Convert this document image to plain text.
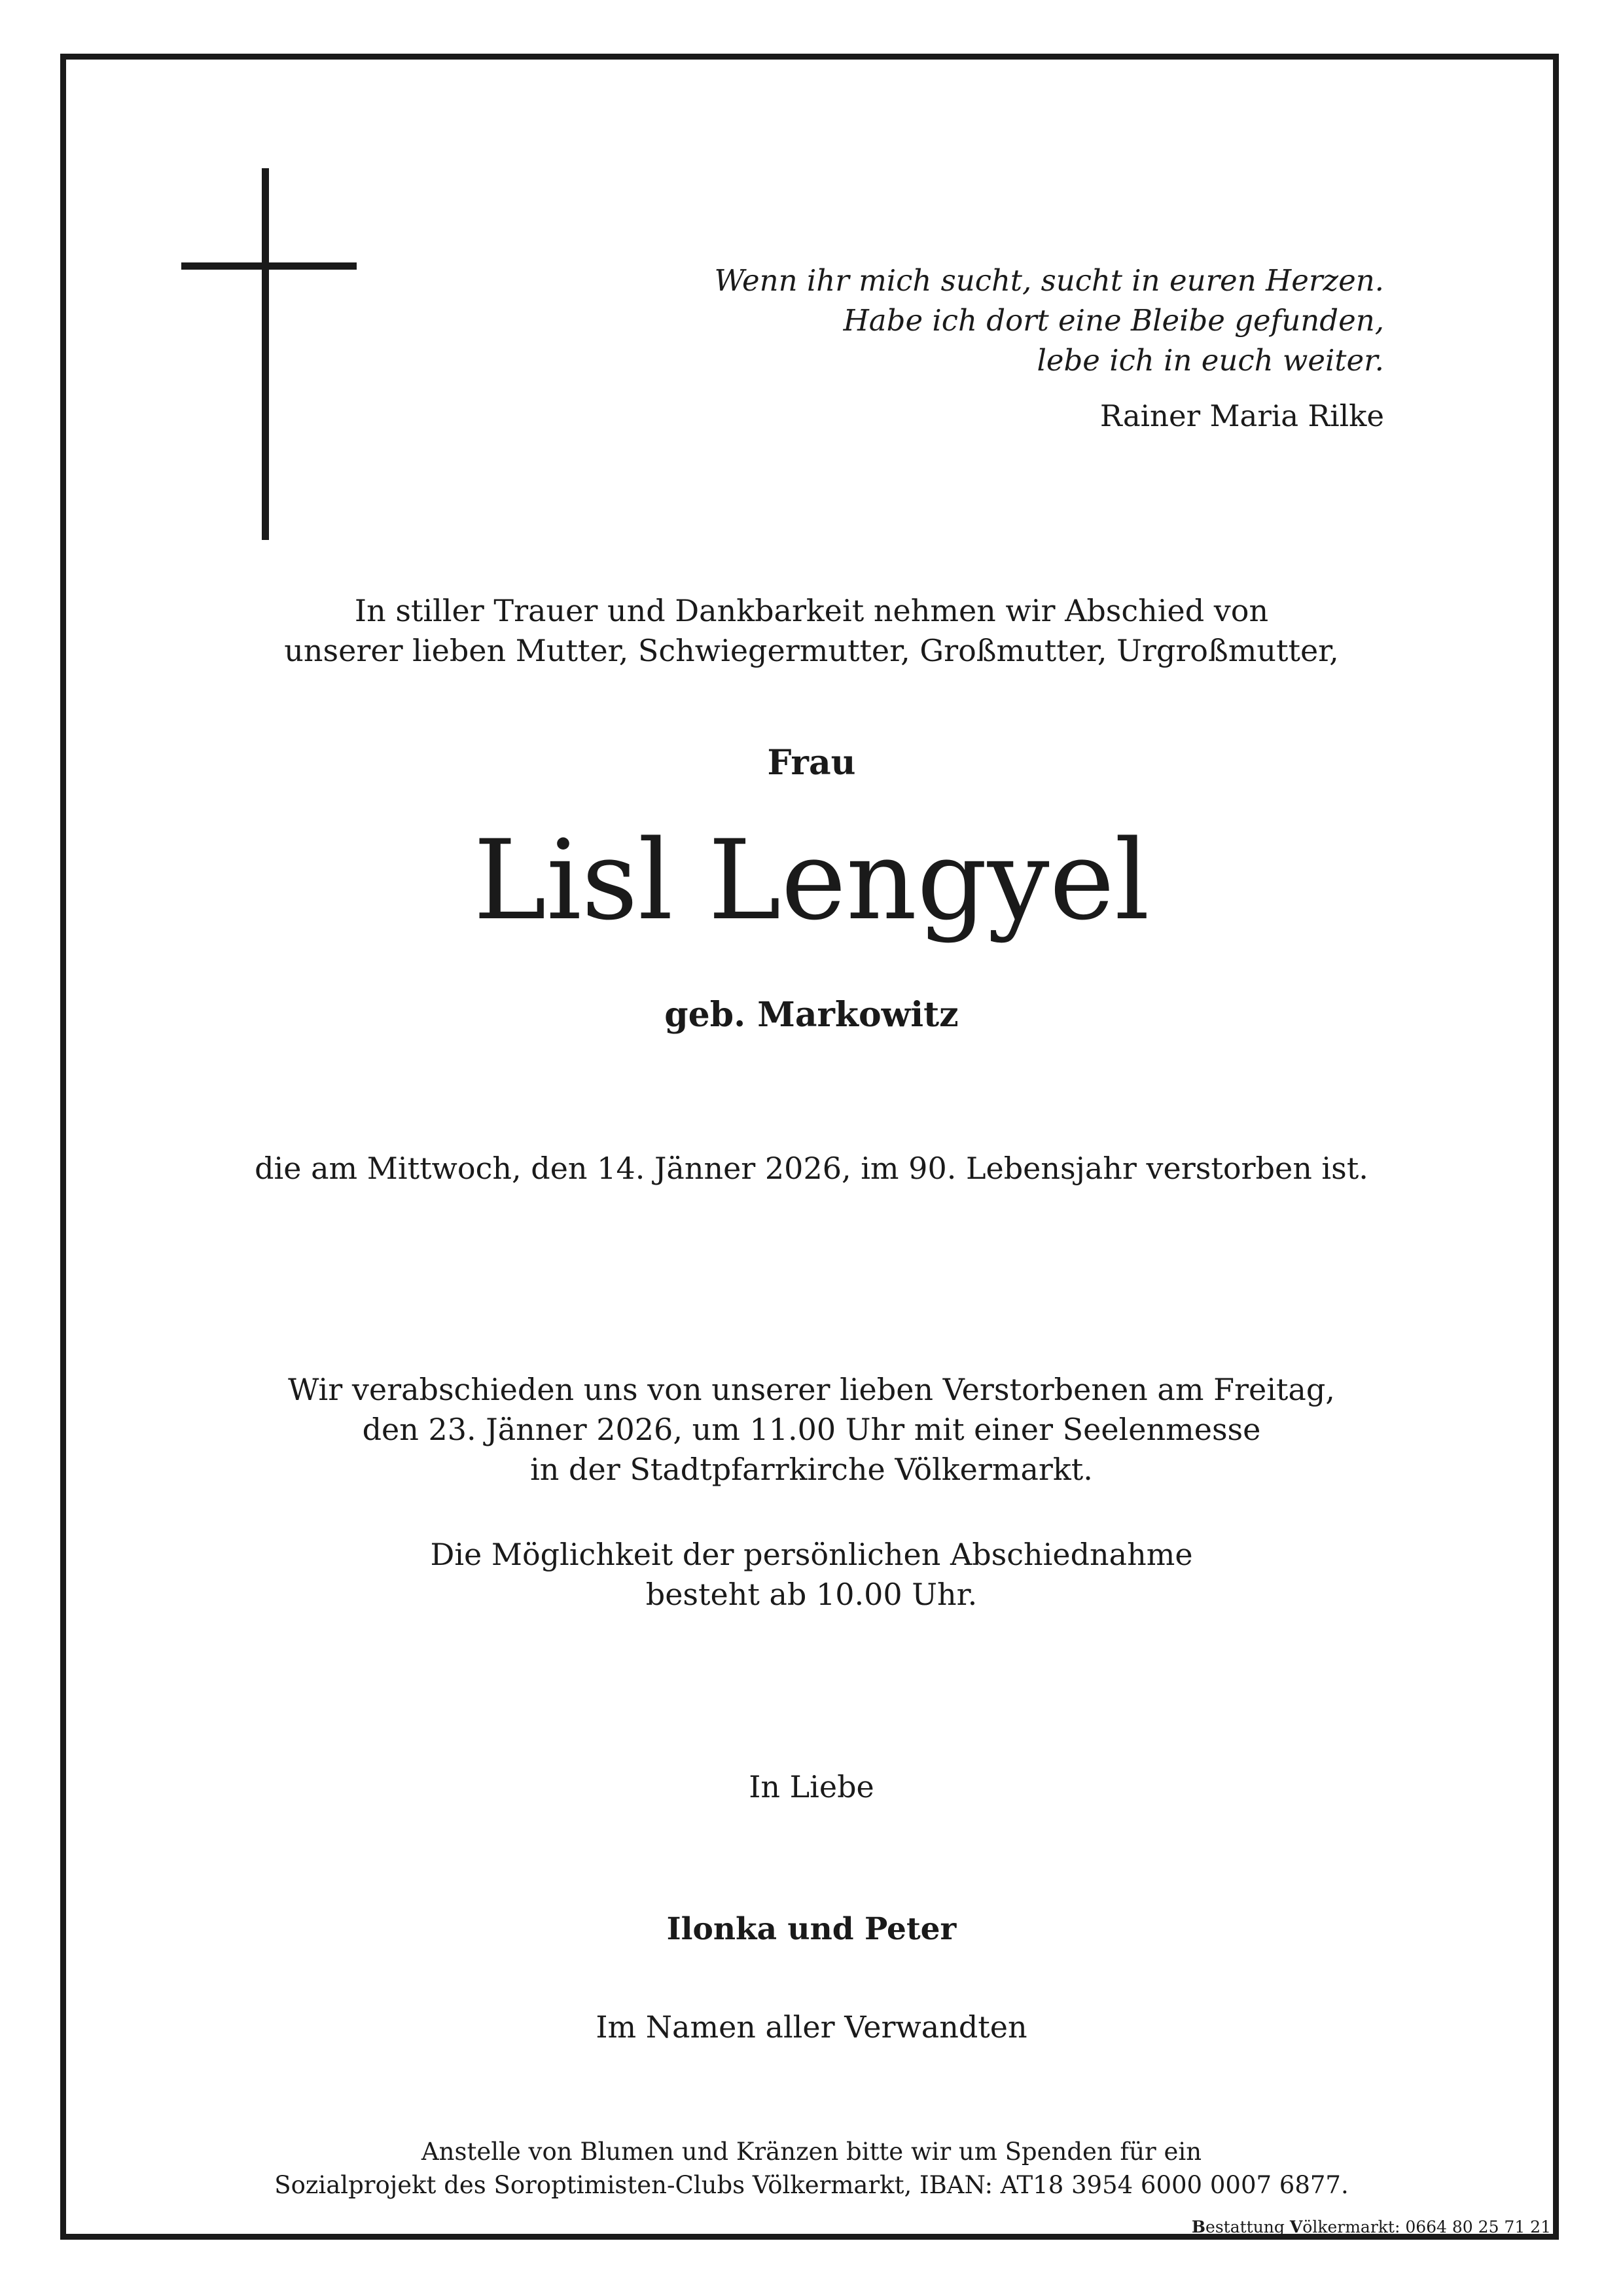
Wenn ihr mich sucht, sucht in euren Herzen.
Habe ich dort eine Bleibe gefunden,
lebe ich in euch weiter.
Rainer Maria Rilke
In stiller Trauer und Dankbarkeit nehmen wir Abschied von
unserer lieben Mutter, Schwiegermutter, Großmutter, Urgroßmutter,
Frau
Lisl Lengyel
geb. Markowitz
die am Mittwoch, den 14. Jänner 2026, im 90. Lebensjahr verstorben ist.
Wir verabschieden uns von unserer lieben Verstorbenen am Freitag,
den 23. Jänner 2026, um 11.00 Uhr mit einer Seelenmesse
in der Stadtpfarrkirche Völkermarkt.
Die Möglichkeit der persönlichen Abschiednahme
besteht ab 10.00 Uhr.
In Liebe
Ilonka und Peter
Im Namen aller Verwandten
Anstelle von Blumen und Kränzen bitte wir um Spenden für ein
Sozialprojekt des Soroptimisten-Clubs Völkermarkt, IBAN: AT18 3954 6000 0007 6877.
Bestattung Völkermarkt: 0664 80 25 71 21
